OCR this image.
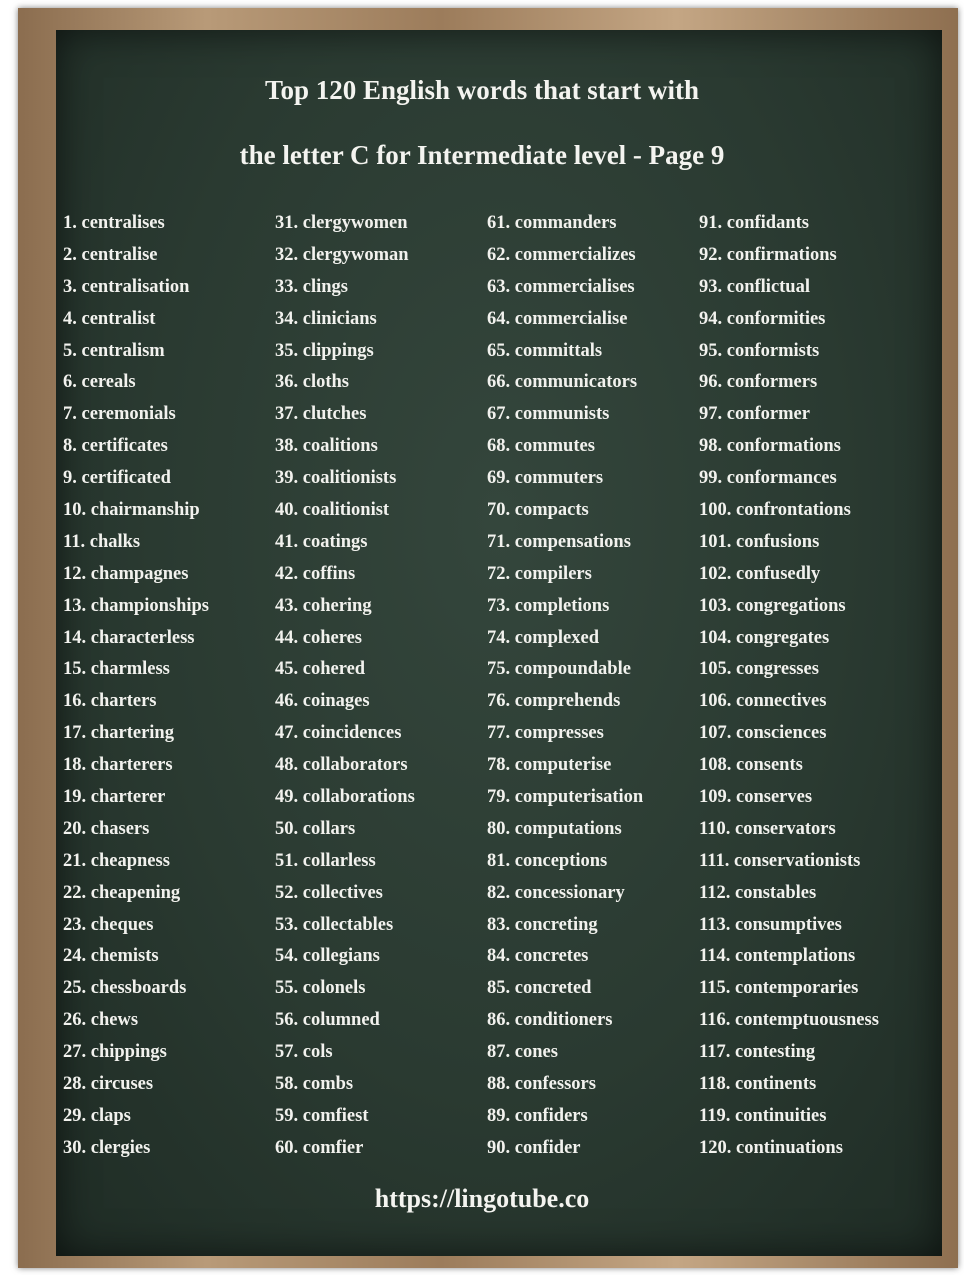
Top 120 English words that start with
the letter C for Intermediate level - Page 9
1. centralises
2. centralise
3. centralisation
4. centralist
5. centralism
6. cereals
7. ceremonials
8. certificates
9. certificated
10. chairmanship
11. chalks
12. champagnes
13. championships
14. characterless
15. charmless
16. charters
17. chartering
18. charterers
19. charterer
20. chasers
21. cheapness
22. cheapening
23. cheques
24. chemists
25. chessboards
26. chews
27. chippings
28. circuses
29. claps
30. clergies
31. clergywomen
32. clergywoman
33. clings
34. clinicians
35. clippings
36. cloths
37. clutches
38. coalitions
39. coalitionists
40. coalitionist
41. coatings
42. coffins
43. cohering
44. coheres
45. cohered
46. coinages
47. coincidences
48. collaborators
49. collaborations
50. collars
51. collarless
52. collectives
53. collectables
54. collegians
55. colonels
56. columned
57. cols
58. combs
59. comfiest
60. comfier
61. commanders
62. commercializes
63. commercialises
64. commercialise
65. committals
66. communicators
67. communists
68. commutes
69. commuters
70. compacts
71. compensations
72. compilers
73. completions
74. complexed
75. compoundable
76. comprehends
77. compresses
78. computerise
79. computerisation
80. computations
81. conceptions
82. concessionary
83. concreting
84. concretes
85. concreted
86. conditioners
87. cones
88. confessors
89. confiders
90. confider
91. confidants
92. confirmations
93. conflictual
94. conformities
95. conformists
96. conformers
97. conformer
98. conformations
99. conformances
100. confrontations
101. confusions
102. confusedly
103. congregations
104. congregates
105. congresses
106. connectives
107. consciences
108. consents
109. conserves
110. conservators
111. conservationists
112. constables
113. consumptives
114. contemplations
115. contemporaries
116. contemptuousness
117. contesting
118. continents
119. continuities
120. continuations
https://lingotube.co
